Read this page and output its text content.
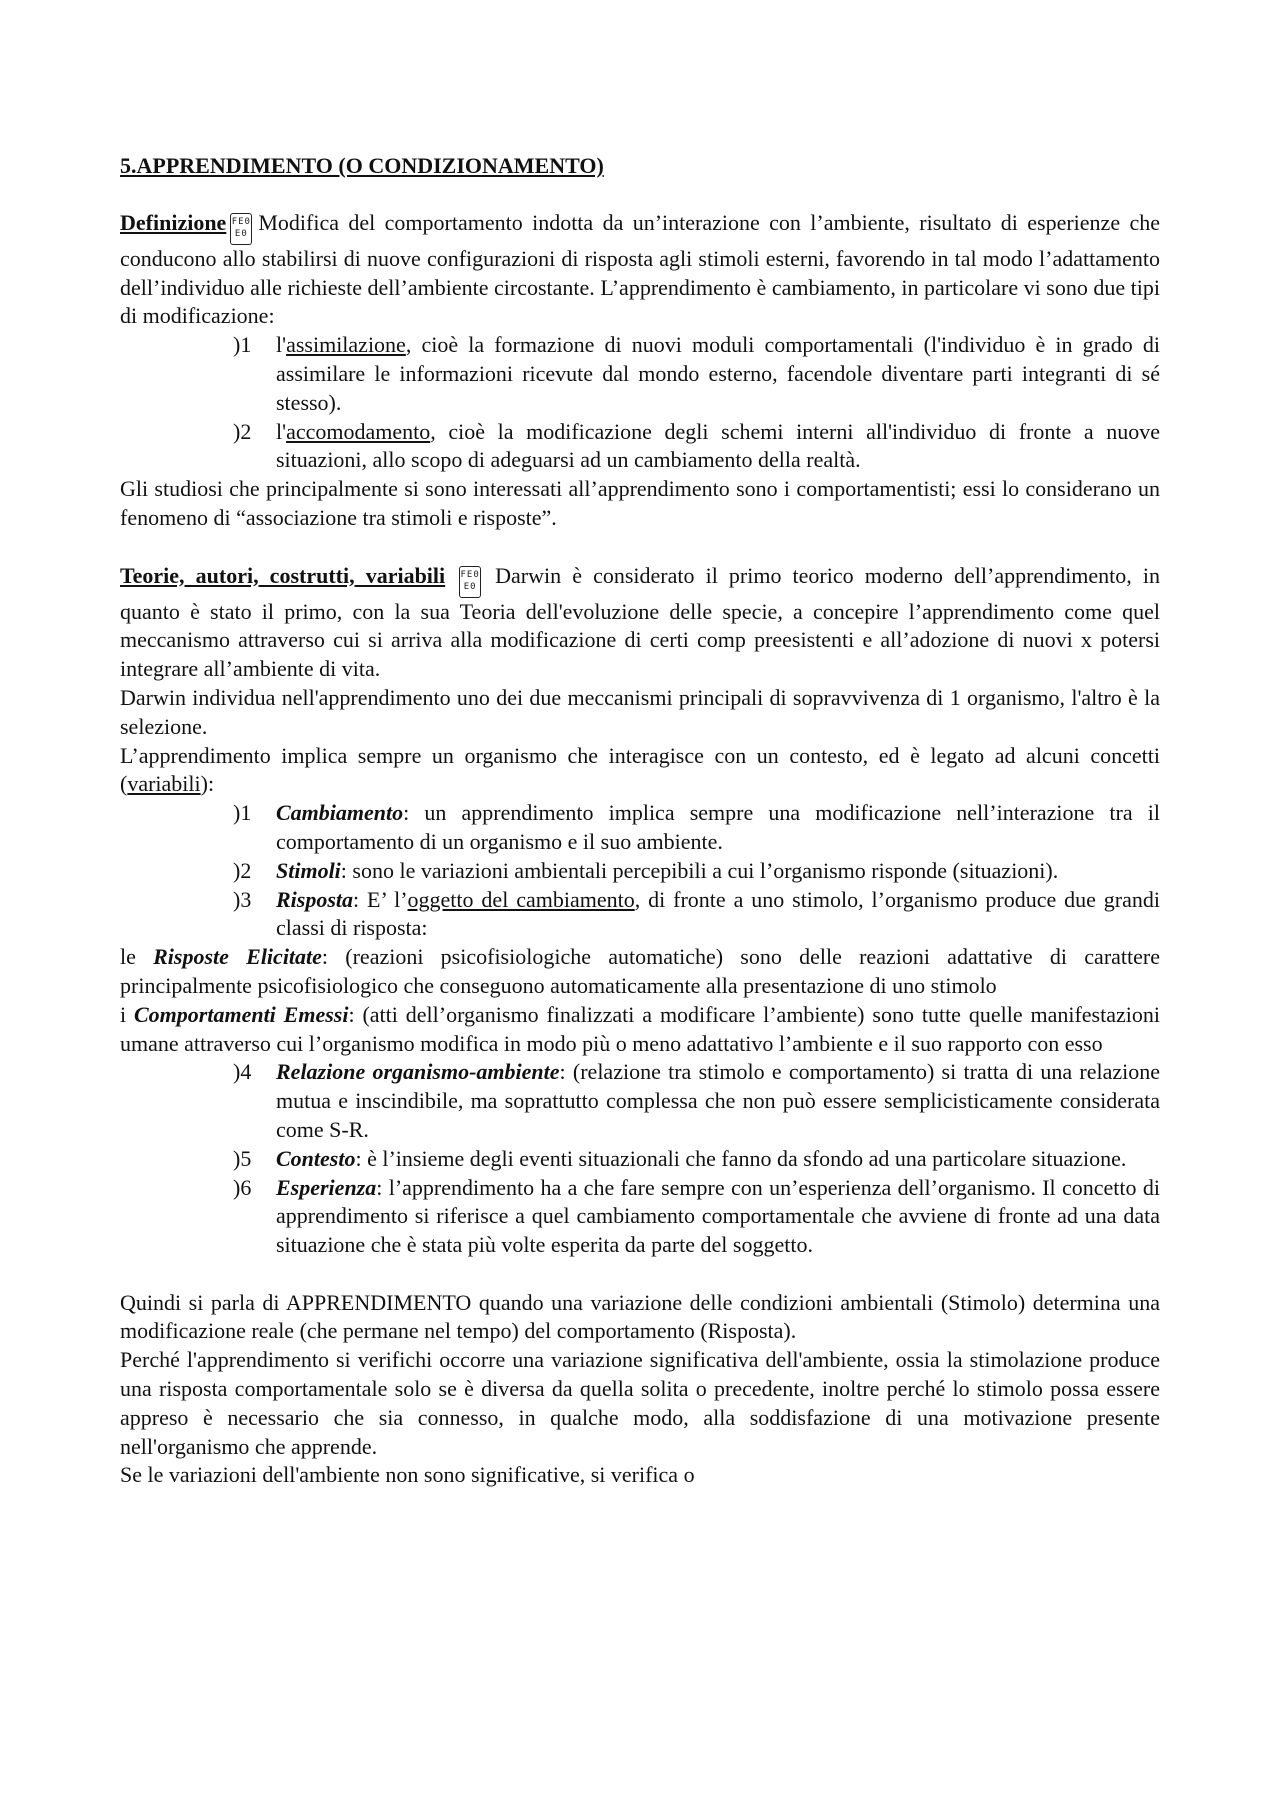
5.APPRENDIMENTO (O CONDIZIONAMENTO)

Definizione FE0
E0 Modifica del comportamento indotta da un’interazione con l’ambiente, risultato di esperienze che conducono allo stabilirsi di nuove configurazioni di risposta agli stimoli esterni, favorendo in tal modo l’adattamento dell’individuo alle richieste dell’ambiente circostante. L’apprendimento è cambiamento, in particolare vi sono due tipi di modificazione:

)1 l'assimilazione, cioè la formazione di nuovi moduli comportamentali (l'individuo è in grado di assimilare le informazioni ricevute dal mondo esterno, facendole diventare parti integranti di sé stesso).
)2 l'accomodamento, cioè la modificazione degli schemi interni all'individuo di fronte a nuove situazioni, allo scopo di adeguarsi ad un cambiamento della realtà.

Gli studiosi che principalmente si sono interessati all’apprendimento sono i comportamentisti; essi lo considerano un fenomeno di “associazione tra stimoli e risposte”.

Teorie, autori, costrutti, variabili FE0
E0 Darwin è considerato il primo teorico moderno dell’apprendimento, in quanto è stato il primo, con la sua Teoria dell'evoluzione delle specie, a concepire l’apprendimento come quel meccanismo attraverso cui si arriva alla modificazione di certi comp preesistenti e all’adozione di nuovi x potersi integrare all’ambiente di vita.

Darwin individua nell'apprendimento uno dei due meccanismi principali di sopravvivenza di 1 organismo, l'altro è la selezione.

L’apprendimento implica sempre un organismo che interagisce con un contesto, ed è legato ad alcuni concetti (variabili):

)1 Cambiamento: un apprendimento implica sempre una modificazione nell’interazione tra il comportamento di un organismo e il suo ambiente.
)2 Stimoli: sono le variazioni ambientali percepibili a cui l’organismo risponde (situazioni).
)3 Risposta: E’ l’oggetto del cambiamento, di fronte a uno stimolo, l’organismo produce due grandi classi di risposta:

le Risposte Elicitate: (reazioni psicofisiologiche automatiche) sono delle reazioni adattative di carattere principalmente psicofisiologico che conseguono automaticamente alla presentazione di uno stimolo

i Comportamenti Emessi: (atti dell’organismo finalizzati a modificare l’ambiente) sono tutte quelle manifestazioni umane attraverso cui l’organismo modifica in modo più o meno adattativo l’ambiente e il suo rapporto con esso

)4 Relazione organismo-ambiente: (relazione tra stimolo e comportamento) si tratta di una relazione mutua e inscindibile, ma soprattutto complessa che non può essere semplicisticamente considerata come S-R.
)5 Contesto: è l’insieme degli eventi situazionali che fanno da sfondo ad una particolare situazione.
)6 Esperienza: l’apprendimento ha a che fare sempre con un’esperienza dell’organismo. Il concetto di apprendimento si riferisce a quel cambiamento comportamentale che avviene di fronte ad una data situazione che è stata più volte esperita da parte del soggetto.

Quindi si parla di APPRENDIMENTO quando una variazione delle condizioni ambientali (Stimolo) determina una modificazione reale (che permane nel tempo) del comportamento (Risposta).

Perché l'apprendimento si verifichi occorre una variazione significativa dell'ambiente, ossia la stimolazione produce una risposta comportamentale solo se è diversa da quella solita o precedente, inoltre perché lo stimolo possa essere appreso è necessario che sia connesso, in qualche modo, alla soddisfazione di una motivazione presente nell'organismo che apprende.

Se le variazioni dell'ambiente non sono significative, si verifica o
